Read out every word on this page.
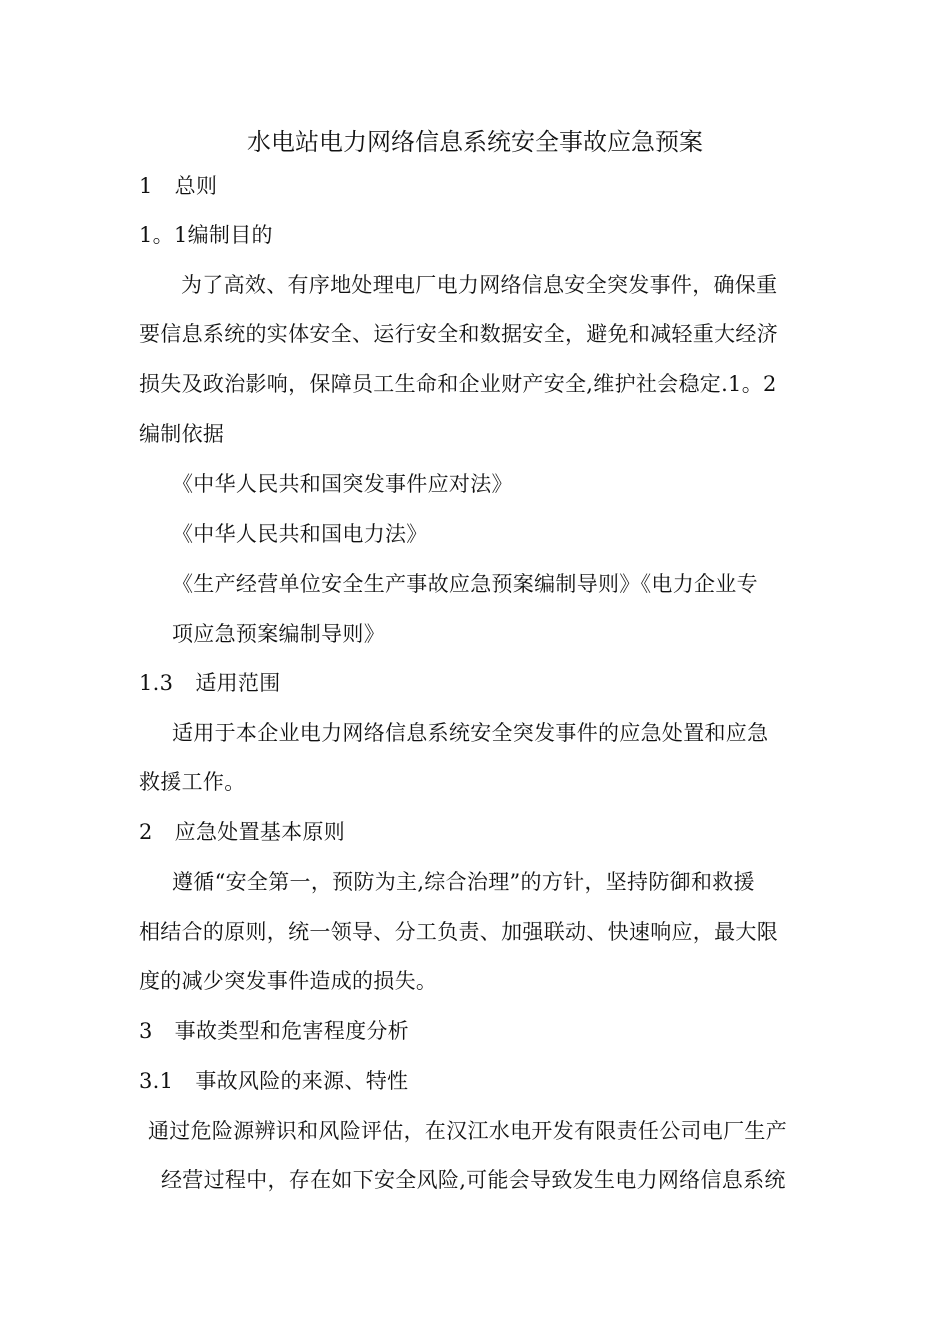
水电站电力网络信息系统安全事故应急预案
1 总则
1。1编制目的
为了高效、有序地处理电厂电力网络信息安全突发事件，确保重
要信息系统的实体安全、运行安全和数据安全，避免和减轻重大经济
损失及政治影响，保障员工生命和企业财产安全,维护社会稳定.1。2
编制依据
《中华人民共和国突发事件应对法》
《中华人民共和国电力法》
《生产经营单位安全生产事故应急预案编制导则》《电力企业专
项应急预案编制导则》
1.3 适用范围
适用于本企业电力网络信息系统安全突发事件的应急处置和应急
救援工作。
2 应急处置基本原则
遵循“安全第一，预防为主,综合治理”的方针，坚持防御和救援
相结合的原则，统一领导、分工负责、加强联动、快速响应，最大限
度的减少突发事件造成的损失。
3 事故类型和危害程度分析
3.1 事故风险的来源、特性
通过危险源辨识和风险评估，在汉江水电开发有限责任公司电厂生产
经营过程中，存在如下安全风险,可能会导致发生电力网络信息系统
